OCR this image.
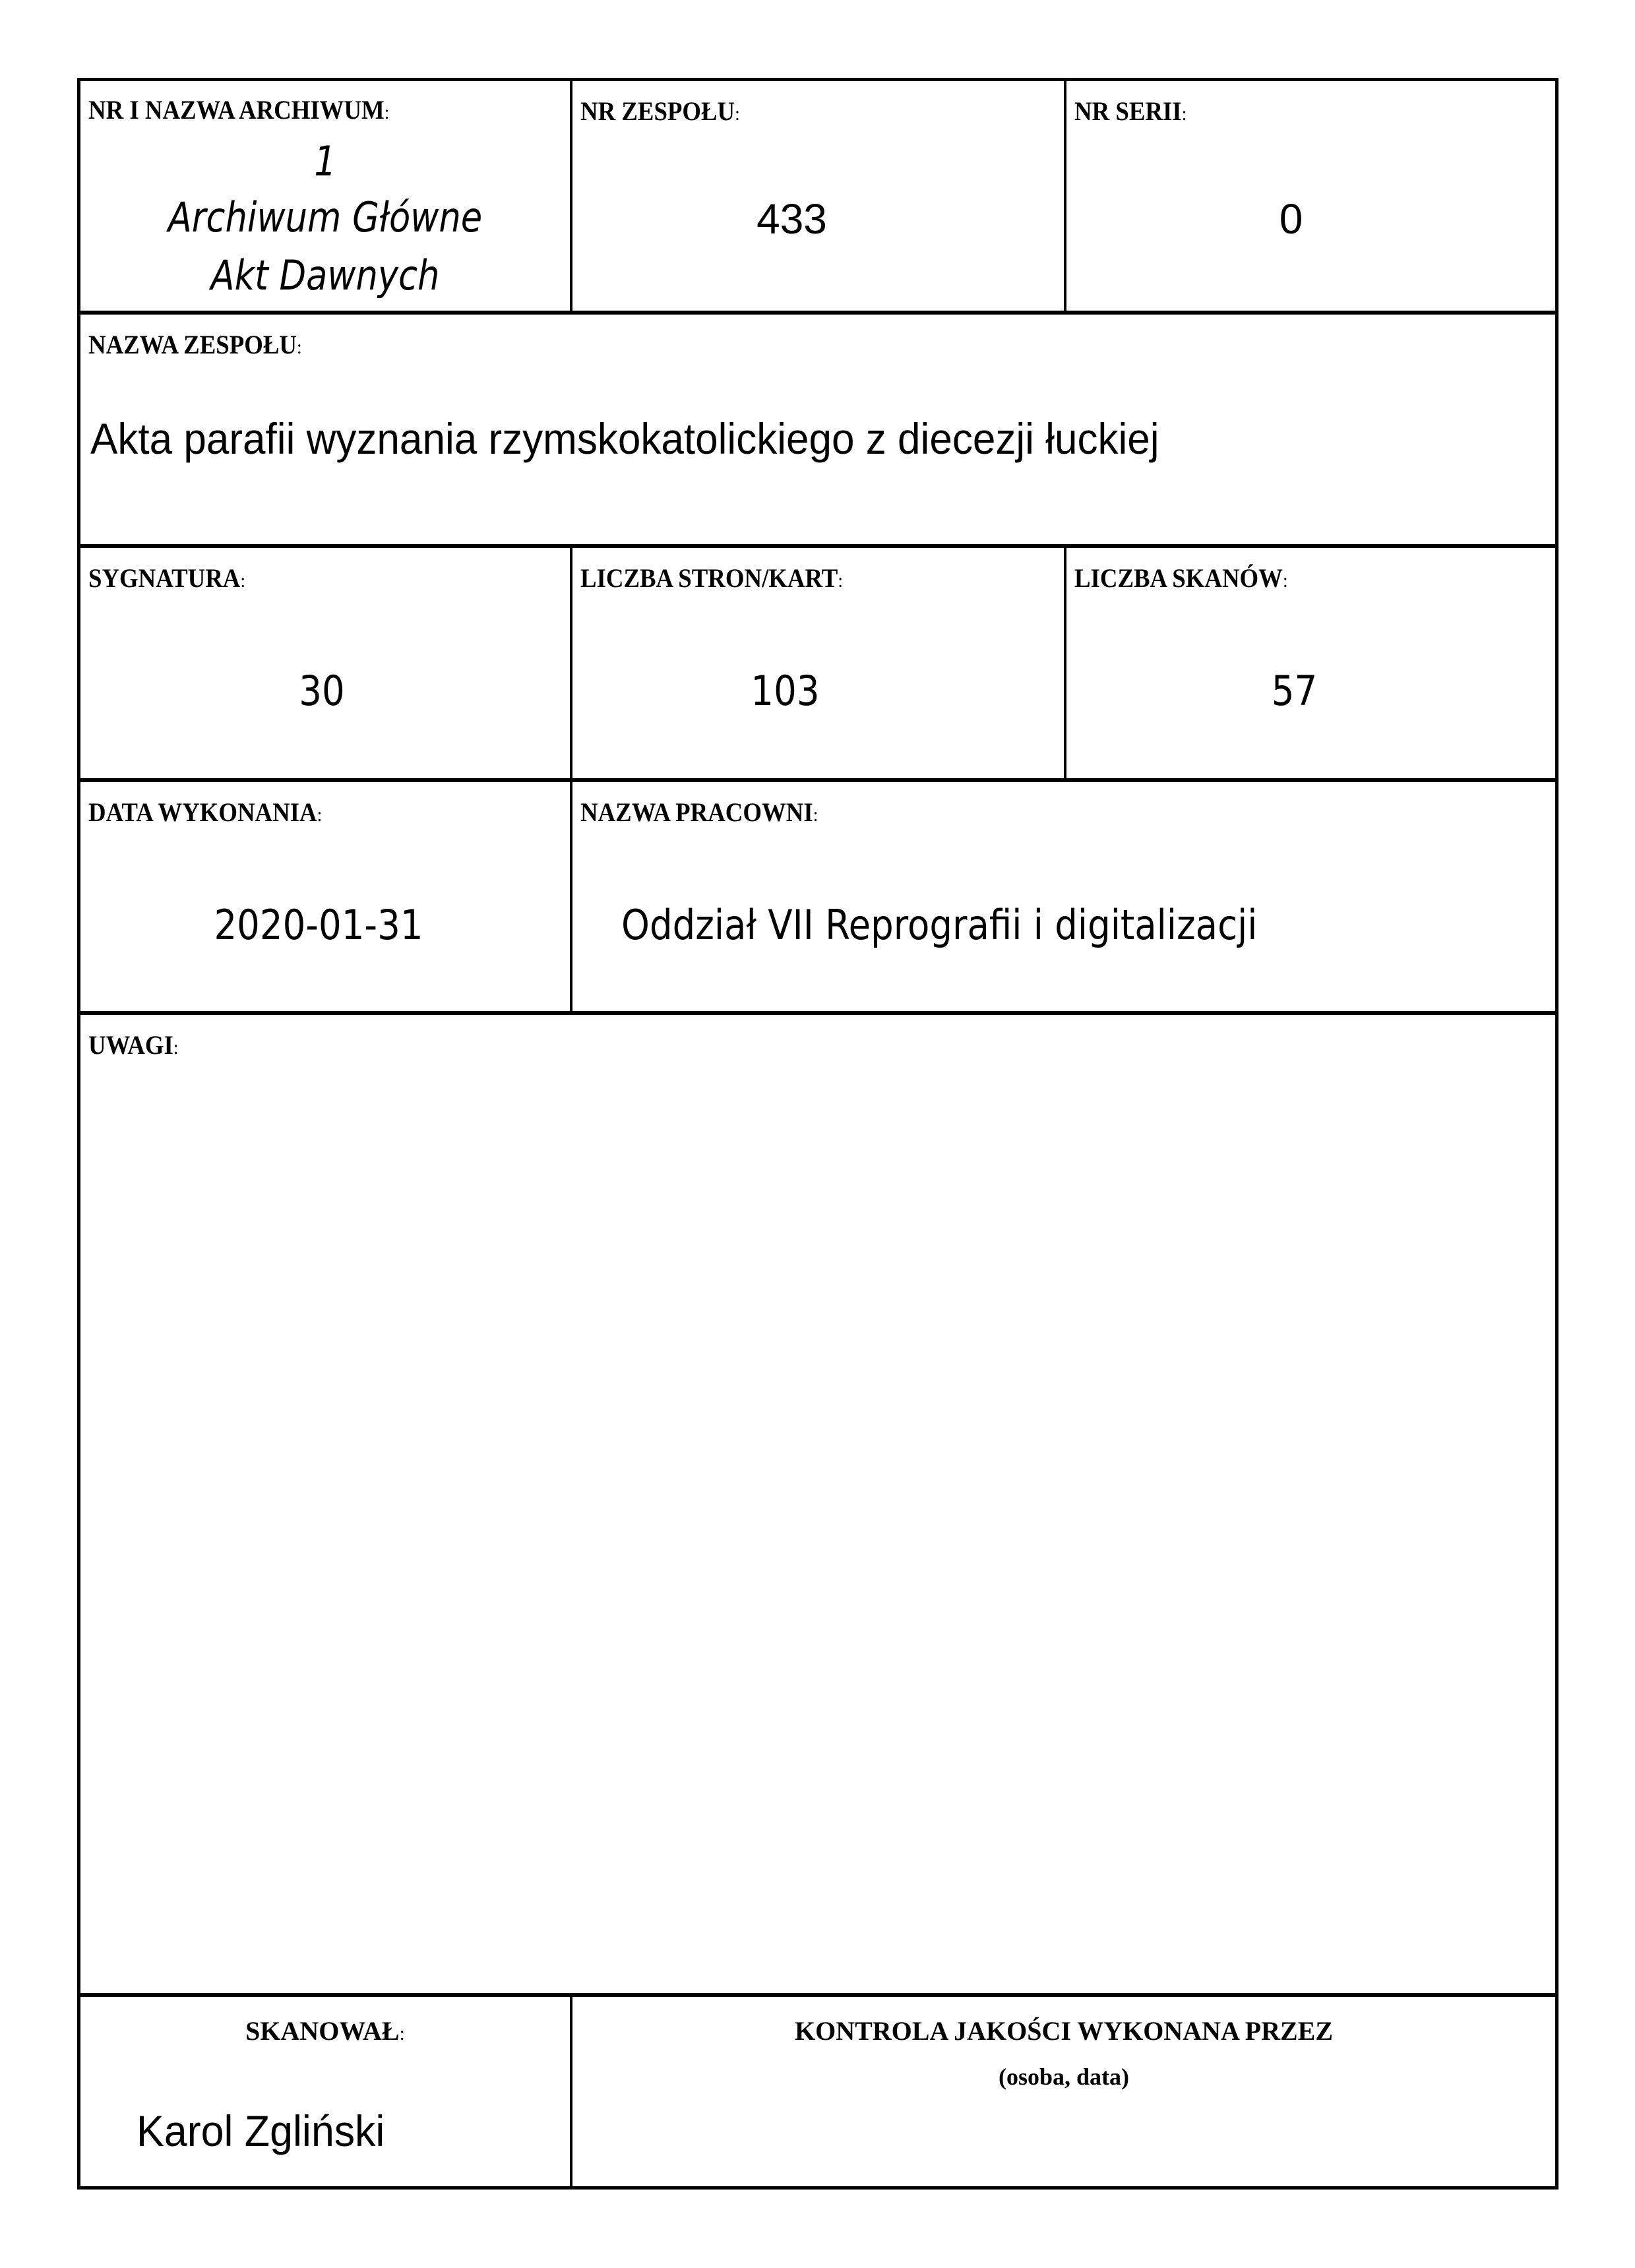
NR I NAZWA ARCHIWUM:
1
Archiwum Główne
Akt Dawnych
NR ZESPOŁU:
433
NR SERII:
0
NAZWA ZESPOŁU:
Akta parafii wyznania rzymskokatolickiego z diecezji łuckiej
SYGNATURA:
30
LICZBA STRON/KART:
103
LICZBA SKANÓW:
57
DATA WYKONANIA:
2020-01-31
NAZWA PRACOWNI:
Oddział VII Reprografii i digitalizacji
UWAGI:
SKANOWAŁ:
Karol Zgliński
KONTROLA JAKOŚCI WYKONANA PRZEZ
(osoba, data)
